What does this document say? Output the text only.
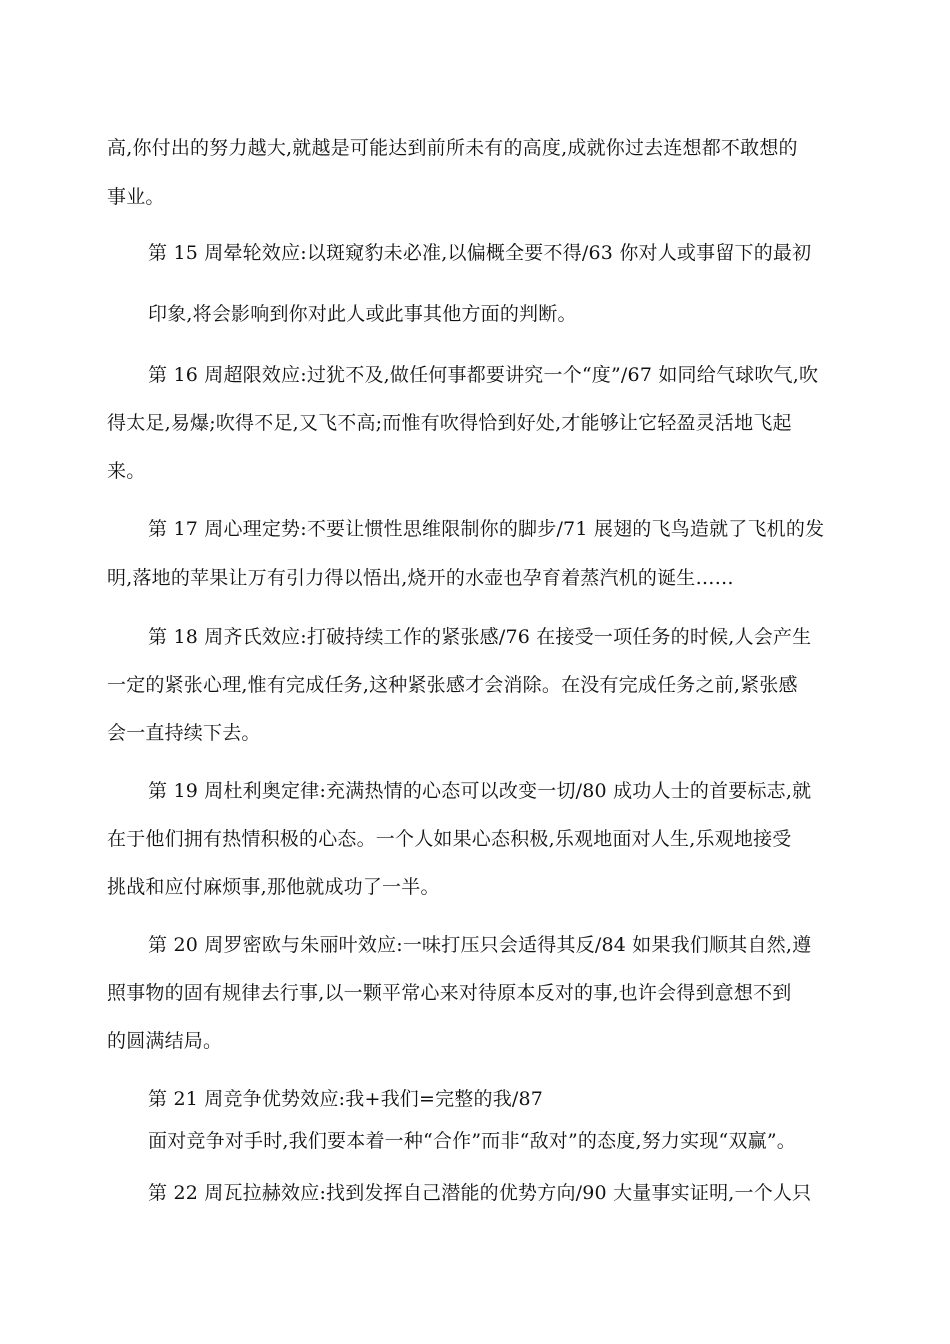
高,你付出的努力越大,就越是可能达到前所未有的高度,成就你过去连想都不敢想的
事业。
第 15 周晕轮效应:以斑窥豹未必准,以偏概全要不得/63 你对人或事留下的最初
印象,将会影响到你对此人或此事其他方面的判断。
第 16 周超限效应:过犹不及,做任何事都要讲究一个“度”/67 如同给气球吹气,吹
得太足,易爆;吹得不足,又飞不高;而惟有吹得恰到好处,才能够让它轻盈灵活地飞起
来。
第 17 周心理定势:不要让惯性思维限制你的脚步/71 展翅的飞鸟造就了飞机的发
明,落地的苹果让万有引力得以悟出,烧开的水壶也孕育着蒸汽机的诞生……
第 18 周齐氏效应:打破持续工作的紧张感/76 在接受一项任务的时候,人会产生
一定的紧张心理,惟有完成任务,这种紧张感才会消除。在没有完成任务之前,紧张感
会一直持续下去。
第 19 周杜利奥定律:充满热情的心态可以改变一切/80 成功人士的首要标志,就
在于他们拥有热情积极的心态。一个人如果心态积极,乐观地面对人生,乐观地接受
挑战和应付麻烦事,那他就成功了一半。
第 20 周罗密欧与朱丽叶效应:一味打压只会适得其反/84 如果我们顺其自然,遵
照事物的固有规律去行事,以一颗平常心来对待原本反对的事,也许会得到意想不到
的圆满结局。
第 21 周竞争优势效应:我+我们=完整的我/87
面对竞争对手时,我们要本着一种“合作”而非“敌对”的态度,努力实现“双赢”。
第 22 周瓦拉赫效应:找到发挥自己潜能的优势方向/90 大量事实证明,一个人只
